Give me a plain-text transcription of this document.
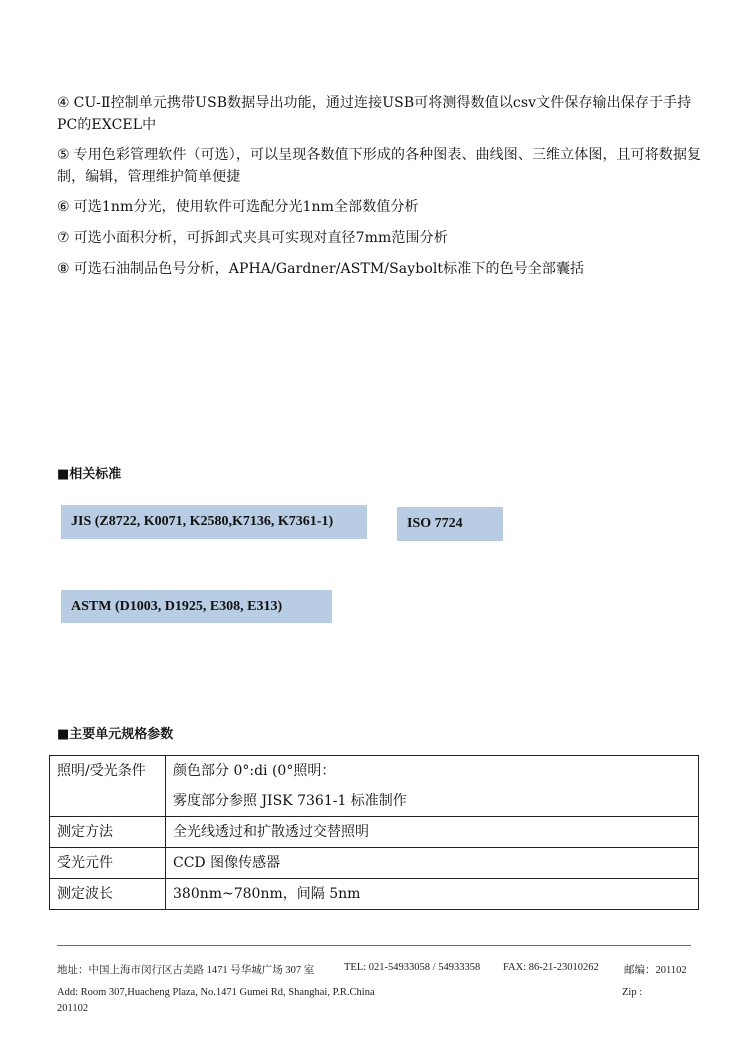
④ CU-Ⅱ控制单元携带USB数据导出功能，通过连接USB可将测得数值以csv文件保存输出保存于手持PC的EXCEL中
⑤ 专用色彩管理软件（可选），可以呈现各数值下形成的各种图表、曲线图、三维立体图，且可将数据复制，编辑，管理维护简单便捷
⑥ 可选1nm分光，使用软件可选配分光1nm全部数值分析
⑦ 可选小面积分析，可拆卸式夹具可实现对直径7mm范围分析
⑧ 可选石油制品色号分析，APHA/Gardner/ASTM/Saybolt标准下的色号全部囊括
■相关标准
JIS (Z8722, K0071, K2580,K7136, K7361-1)	ISO 7724
ASTM (D1003, D1925, E308, E313)
■主要单元规格参数
照明/受光条件	颜色部分 0°:di (0°照明：
雾度部分参照 JISK 7361-1 标准制作

测定方法	全光线透过和扩散透过交替照明
受光元件	CCD 图像传感器
测定波长	380nm~780nm，间隔 5nm
地址：中国上海市闵行区古美路 1471 号华城广场 307 室	TEL: 021-54933058 / 54933358 FAX: 86-21-23010262 邮编：201102
Add: Room 307,Huacheng Plaza, No.1471 Gumei Rd, Shanghai, P.R.China	Zip :
201102
